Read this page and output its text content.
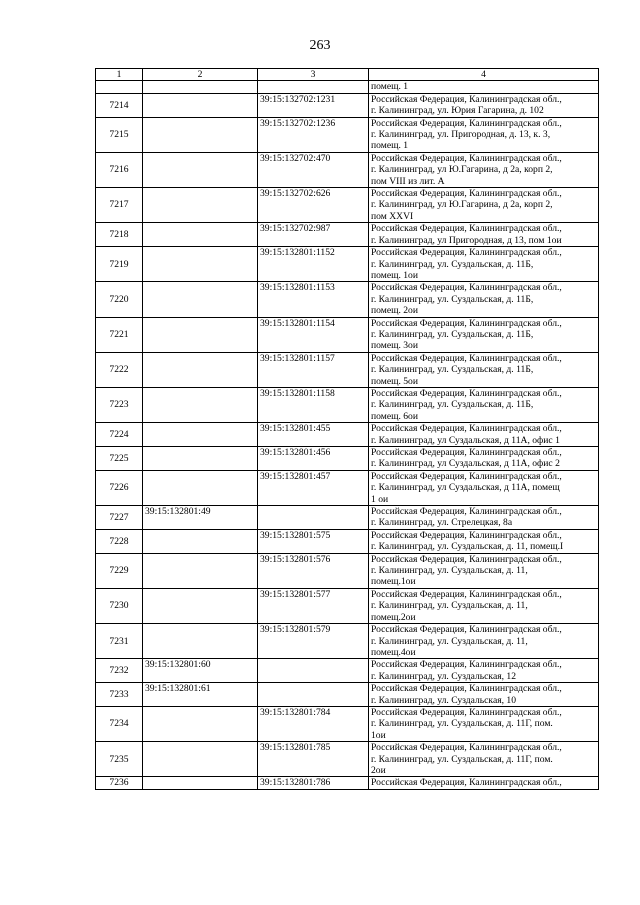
263
1	2	3	4

			помещ. 1

7214		39:15:132702:1231	Российская Федерация, Калининградская обл.,
г. Калининград, ул. Юрия Гагарина, д. 102

7215		39:15:132702:1236	Российская Федерация, Калининградская обл.,
г. Калининград, ул. Пригородная, д. 13, к. 3,
помещ. 1

7216		39:15:132702:470	Российская Федерация, Калининградская обл.,
г. Калининград, ул Ю.Гагарина, д 2а, корп 2,
пом VIII из лит. А

7217		39:15:132702:626	Российская Федерация, Калининградская обл.,
г. Калининград, ул Ю.Гагарина, д 2а, корп 2,
пом XXVI

7218		39:15:132702:987	Российская Федерация, Калининградская обл.,
г. Калининград, ул Пригородная, д 13, пом 1ои

7219		39:15:132801:1152	Российская Федерация, Калининградская обл.,
г. Калининград, ул. Суздальская, д. 11Б,
помещ. 1ои

7220		39:15:132801:1153	Российская Федерация, Калининградская обл.,
г. Калининград, ул. Суздальская, д. 11Б,
помещ. 2ои

7221		39:15:132801:1154	Российская Федерация, Калининградская обл.,
г. Калининград, ул. Суздальская, д. 11Б,
помещ. 3ои

7222		39:15:132801:1157	Российская Федерация, Калининградская обл.,
г. Калининград, ул. Суздальская, д. 11Б,
помещ. 5ои

7223		39:15:132801:1158	Российская Федерация, Калининградская обл.,
г. Калининград, ул. Суздальская, д. 11Б,
помещ. 6ои

7224		39:15:132801:455	Российская Федерация, Калининградская обл.,
г. Калининград, ул Суздальская, д 11А, офис 1

7225		39:15:132801:456	Российская Федерация, Калининградская обл.,
г. Калининград, ул Суздальская, д 11А, офис 2

7226		39:15:132801:457	Российская Федерация, Калининградская обл.,
г. Калининград, ул Суздальская, д 11А, помещ
1 ои

7227	39:15:132801:49		Российская Федерация, Калининградская обл.,
г. Калининград, ул. Стрелецкая, 8а

7228		39:15:132801:575	Российская Федерация, Калининградская обл.,
г. Калининград, ул. Суздальская, д. 11, помещ.I

7229		39:15:132801:576	Российская Федерация, Калининградская обл.,
г. Калининград, ул. Суздальская, д. 11,
помещ.1ои

7230		39:15:132801:577	Российская Федерация, Калининградская обл.,
г. Калининград, ул. Суздальская, д. 11,
помещ.2ои

7231		39:15:132801:579	Российская Федерация, Калининградская обл.,
г. Калининград, ул. Суздальская, д. 11,
помещ.4ои

7232	39:15:132801:60		Российская Федерация, Калининградская обл.,
г. Калининград, ул. Суздальская, 12

7233	39:15:132801:61		Российская Федерация, Калининградская обл.,
г. Калининград, ул. Суздальская, 10

7234		39:15:132801:784	Российская Федерация, Калининградская обл.,
г. Калининград, ул. Суздальская, д. 11Г, пом.
1ои

7235		39:15:132801:785	Российская Федерация, Калининградская обл.,
г. Калининград, ул. Суздальская, д. 11Г, пом.
2ои

7236		39:15:132801:786	Российская Федерация, Калининградская обл.,
